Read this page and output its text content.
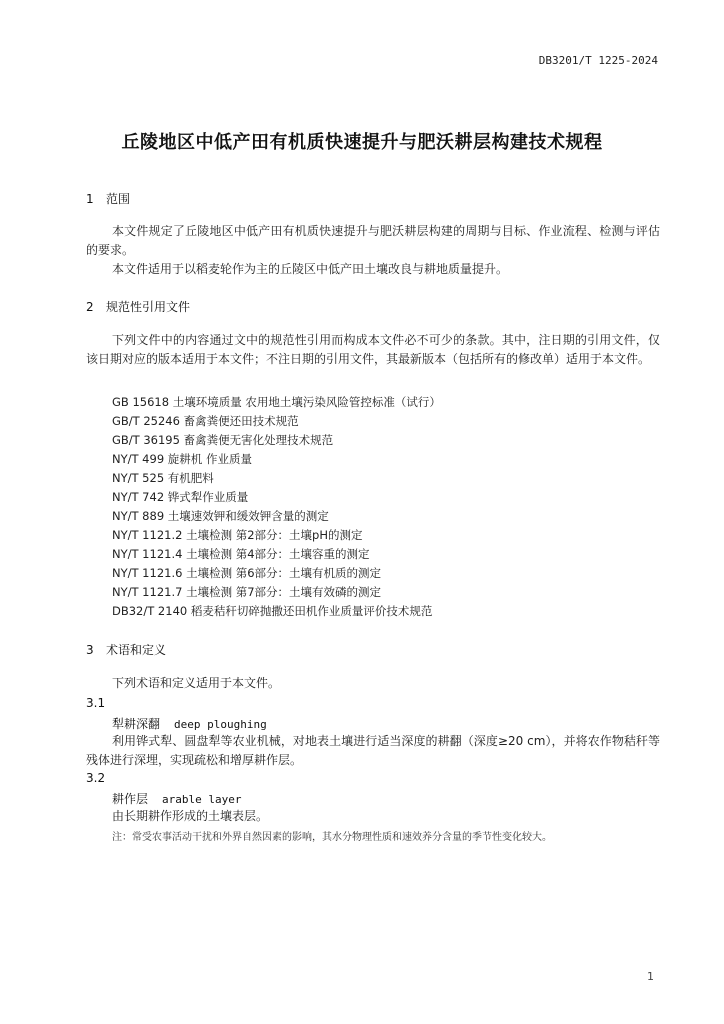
DB3201/T 1225-2024
丘陵地区中低产田有机质快速提升与肥沃耕层构建技术规程
1 范围
本文件规定了丘陵地区中低产田有机质快速提升与肥沃耕层构建的周期与目标、作业流程、检测与评估的要求。
本文件适用于以稻麦轮作为主的丘陵区中低产田土壤改良与耕地质量提升。
2 规范性引用文件
下列文件中的内容通过文中的规范性引用而构成本文件必不可少的条款。其中，注日期的引用文件，仅该日期对应的版本适用于本文件；不注日期的引用文件，其最新版本（包括所有的修改单）适用于本文件。
GB 15618 土壤环境质量 农用地土壤污染风险管控标准（试行）
GB/T 25246 畜禽粪便还田技术规范
GB/T 36195 畜禽粪便无害化处理技术规范
NY/T 499 旋耕机 作业质量
NY/T 525 有机肥料
NY/T 742 铧式犁作业质量
NY/T 889 土壤速效钾和缓效钾含量的测定
NY/T 1121.2 土壤检测 第2部分：土壤pH的测定
NY/T 1121.4 土壤检测 第4部分：土壤容重的测定
NY/T 1121.6 土壤检测 第6部分：土壤有机质的测定
NY/T 1121.7 土壤检测 第7部分：土壤有效磷的测定
DB32/T 2140 稻麦秸秆切碎抛撒还田机作业质量评价技术规范
3 术语和定义
下列术语和定义适用于本文件。
3.1
犁耕深翻 deep ploughing
利用铧式犁、圆盘犁等农业机械，对地表土壤进行适当深度的耕翻（深度≥20 cm），并将农作物秸秆等残体进行深埋，实现疏松和增厚耕作层。
3.2
耕作层 arable layer
由长期耕作形成的土壤表层。
注：常受农事活动干扰和外界自然因素的影响，其水分物理性质和速效养分含量的季节性变化较大。
1
